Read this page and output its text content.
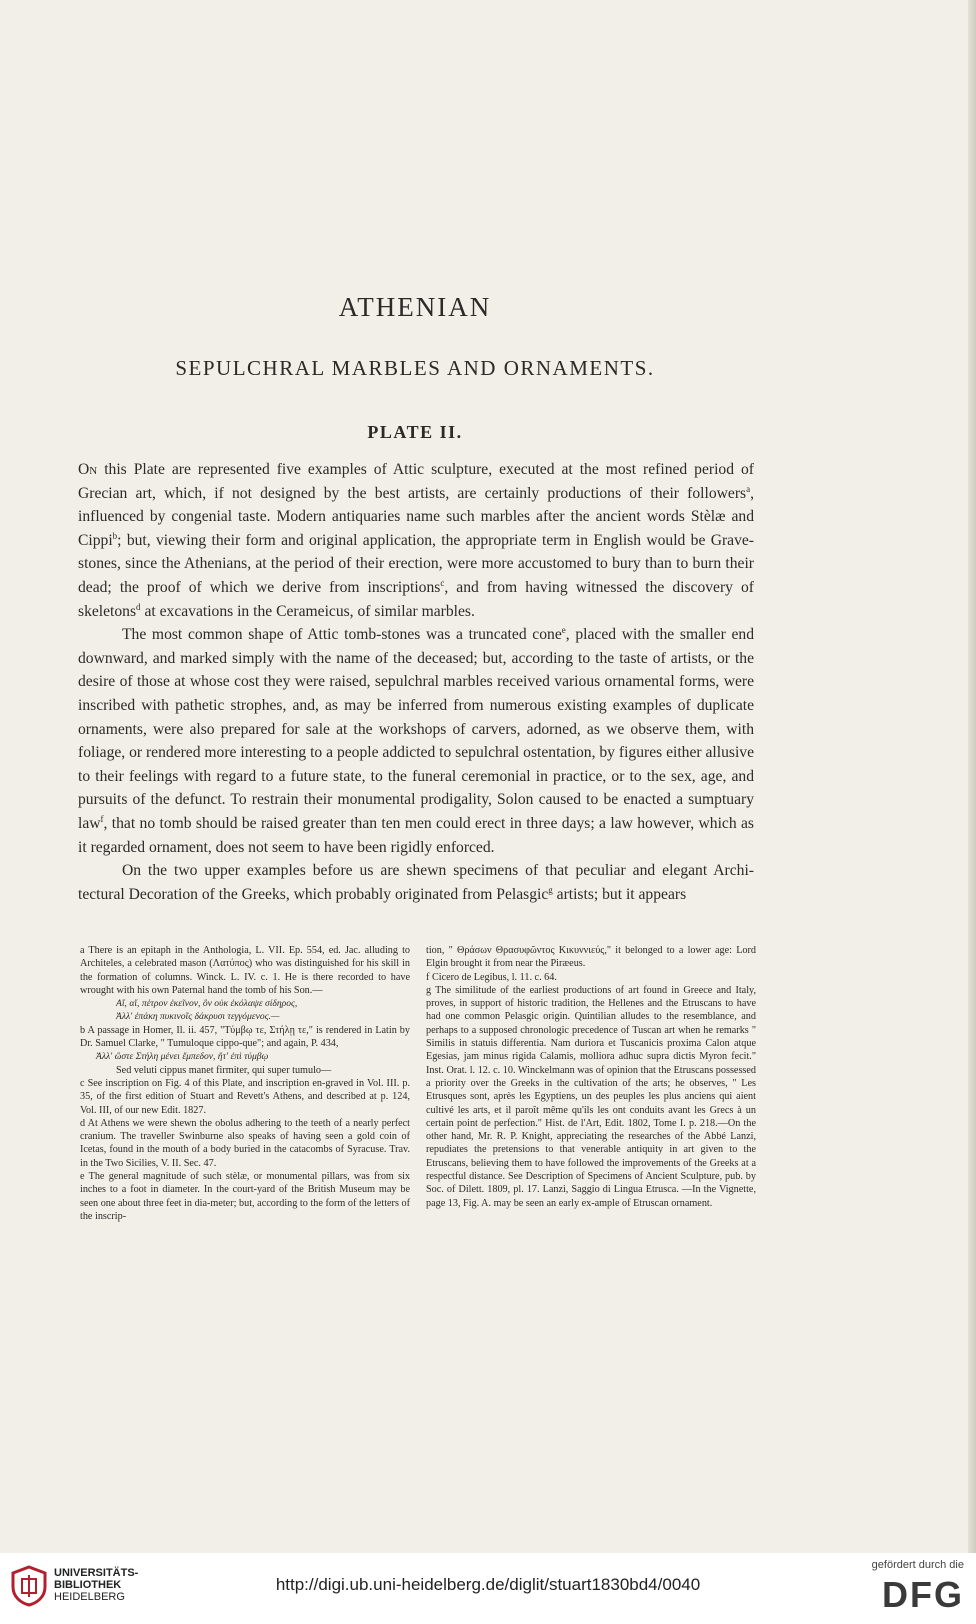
ATHENIAN
SEPULCHRAL MARBLES AND ORNAMENTS.
PLATE II.

On this Plate are represented five examples of Attic sculpture, executed at the most refined period of Grecian art, which, if not designed by the best artists, are certainly productions of their followers$^a$, influenced by congenial taste. Modern antiquaries name such marbles after the ancient words Stèlæ and Cippi$^b$; but, viewing their form and original application, the appropriate term in English would be Grave-stones, since the Athenians, at the period of their erection, were more accustomed to bury than to burn their dead; the proof of which we derive from inscriptions$^c$, and from having witnessed the discovery of skeletons$^d$ at excavations in the Cerameicus, of similar marbles.

The most common shape of Attic tomb-stones was a truncated cone$^e$, placed with the smaller end downward, and marked simply with the name of the deceased; but, according to the taste of artists, or the desire of those at whose cost they were raised, sepulchral marbles received various ornamental forms, were inscribed with pathetic strophes, and, as may be inferred from numerous existing examples of duplicate ornaments, were also prepared for sale at the workshops of carvers, adorned, as we observe them, with foliage, or rendered more interesting to a people addicted to sepulchral ostentation, by figures either allusive to their feelings with regard to a future state, to the funeral ceremonial in practice, or to the sex, age, and pursuits of the defunct. To restrain their monumental prodigality, Solon caused to be enacted a sumptuary law$^f$, that no tomb should be raised greater than ten men could erect in three days; a law however, which as it regarded ornament, does not seem to have been rigidly enforced.

On the two upper examples before us are shewn specimens of that peculiar and elegant Archi-tectural Decoration of the Greeks, which probably originated from Pelasgic$^g$ artists; but it appears

a There is an epitaph in the Anthologia, L. VII. Ep. 554, ed. Jac. alluding to Architeles, a celebrated mason (Λατύπος) who was distinguished for his skill in the formation of columns. Winck. L. IV. c. 1. He is there recorded to have wrought with his own Paternal hand the tomb of his Son.—

Αἴ, αἴ, πέτρον ἐκεῖνον, ὃν οὐκ ἐκόλαψε σίδηρος,

Ἀλλ' ἐπάκη πυκινοῖς δάκρυσι τεγγόμενος.—

b A passage in Homer, Il. ii. 457, "Τύμβῳ τε, Στήλῃ τε," is rendered in Latin by Dr. Samuel Clarke, " Tumuloque cippo-que"; and again, P. 434,

Ἀλλ' ὥστε Στήλη μένει ἔμπεδον, ἥτ' ἐπὶ τύμβῳ

Sed veluti cippus manet firmiter, qui super tumulo—

c See inscription on Fig. 4 of this Plate, and inscription en-graved in Vol. III. p. 35, of the first edition of Stuart and Revett's Athens, and described at p. 124, Vol. III, of our new Edit. 1827.

d At Athens we were shewn the obolus adhering to the teeth of a nearly perfect cranium. The traveller Swinburne also speaks of having seen a gold coin of Icetas, found in the mouth of a body buried in the catacombs of Syracuse. Trav. in the Two Sicilies, V. II. Sec. 47.

e The general magnitude of such stèlæ, or monumental pillars, was from six inches to a foot in diameter. In the court-yard of the British Museum may be seen one about three feet in dia-meter; but, according to the form of the letters of the inscrip-

tion, " Θράσων Θρασυφῶντος Κικυννιεύς," it belonged to a lower age: Lord Elgin brought it from near the Piræeus.

f Cicero de Legibus, l. 11. c. 64.

g The similitude of the earliest productions of art found in Greece and Italy, proves, in support of historic tradition, the Hellenes and the Etruscans to have had one common Pelasgic origin. Quintilian alludes to the resemblance, and perhaps to a supposed chronologic precedence of Tuscan art when he remarks " Similis in statuis differentia. Nam duriora et Tuscanicis proxima Calon atque Egesias, jam minus rigida Calamis, molliora adhuc supra dictis Myron fecit." Inst. Orat. l. 12. c. 10. Winckelmann was of opinion that the Etruscans possessed a priority over the Greeks in the cultivation of the arts; he observes, " Les Etrusques sont, après les Egyptiens, un des peuples les plus anciens qui aient cultivé les arts, et il paroît même qu'ils les ont conduits avant les Grecs à un certain point de perfection." Hist. de l'Art, Edit. 1802, Tome I. p. 218.—On the other hand, Mr. R. P. Knight, appreciating the researches of the Abbé Lanzi, repudiates the pretensions to that venerable antiquity in art given to the Etruscans, believing them to have followed the improvements of the Greeks at a respectful distance. See Description of Specimens of Ancient Sculpture, pub. by Soc. of Dilett. 1809, pl. 17. Lanzi, Saggio di Lingua Etrusca. —In the Vignette, page 13, Fig. A. may be seen an early ex-ample of Etruscan ornament.

UNIVERSITÄTS-
BIBLIOTHEK
HEIDELBERG
http://digi.ub.uni-heidelberg.de/diglit/stuart1830bd4/0040
gefördert durch die
DFG
